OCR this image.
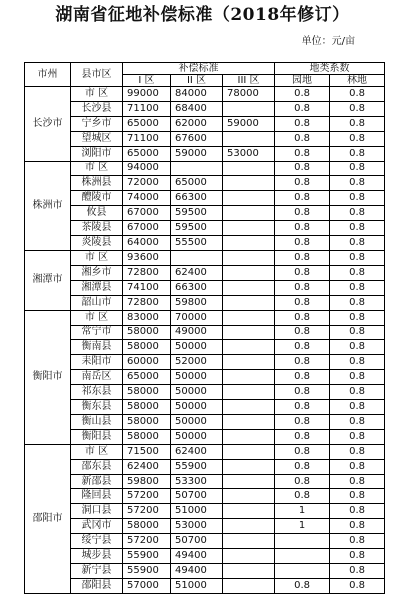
湖南省征地补偿标准（2018年修订）
单位：元/亩
市州	县市区	补偿标准			地类系数	
		I 区	II 区	III 区	园地	林地
长沙市	市 区	99000	84000	78000	0.8	0.8
	长沙县	71100	68400		0.8	0.8
	宁乡市	65000	62000	59000	0.8	0.8
	望城区	71100	67600		0.8	0.8
	浏阳市	65000	59000	53000	0.8	0.8
株洲市	市 区	94000			0.8	0.8
	株洲县	72000	65000		0.8	0.8
	醴陵市	74000	66300		0.8	0.8
	攸县	67000	59500		0.8	0.8
	茶陵县	67000	59500		0.8	0.8
	炎陵县	64000	55500		0.8	0.8
湘潭市	市 区	93600			0.8	0.8
	湘乡市	72800	62400		0.8	0.8
	湘潭县	74100	66300		0.8	0.8
	韶山市	72800	59800		0.8	0.8
衡阳市	市 区	83000	70000		0.8	0.8
	常宁市	58000	49000		0.8	0.8
	衡南县	58000	50000		0.8	0.8
	耒阳市	60000	52000		0.8	0.8
	南岳区	65000	50000		0.8	0.8
	祁东县	58000	50000		0.8	0.8
	衡东县	58000	50000		0.8	0.8
	衡山县	58000	50000		0.8	0.8
	衡阳县	58000	50000		0.8	0.8
邵阳市	市 区	71500	62400		0.8	0.8
	邵东县	62400	55900		0.8	0.8
	新邵县	59800	53300		0.8	0.8
	隆回县	57200	50700		0.8	0.8
	洞口县	57200	51000		1	0.8
	武冈市	58000	53000		1	0.8
	绥宁县	57200	50700			0.8
	城步县	55900	49400			0.8
	新宁县	55900	49400			0.8
	邵阳县	57000	51000		0.8	0.8
